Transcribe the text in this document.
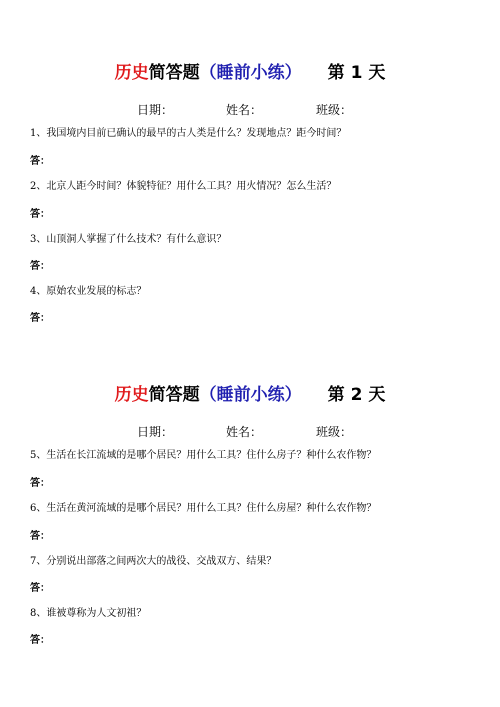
历史简答题（睡前小练） 第 1 天
日期：	姓名：	班级：
1、我国境内目前已确认的最早的古人类是什么？发现地点？距今时间？
答：
2、北京人距今时间？体貌特征？用什么工具？用火情况？怎么生活？
答：
3、山顶洞人掌握了什么技术？有什么意识？
答：
4、原始农业发展的标志？
答：
历史简答题（睡前小练） 第 2 天
日期：	姓名：	班级：
5、生活在长江流域的是哪个居民？用什么工具？住什么房子？种什么农作物？
答：
6、生活在黄河流域的是哪个居民？用什么工具？住什么房屋？种什么农作物？
答：
7、分别说出部落之间两次大的战役、交战双方、结果？
答：
8、谁被尊称为人文初祖？
答：
